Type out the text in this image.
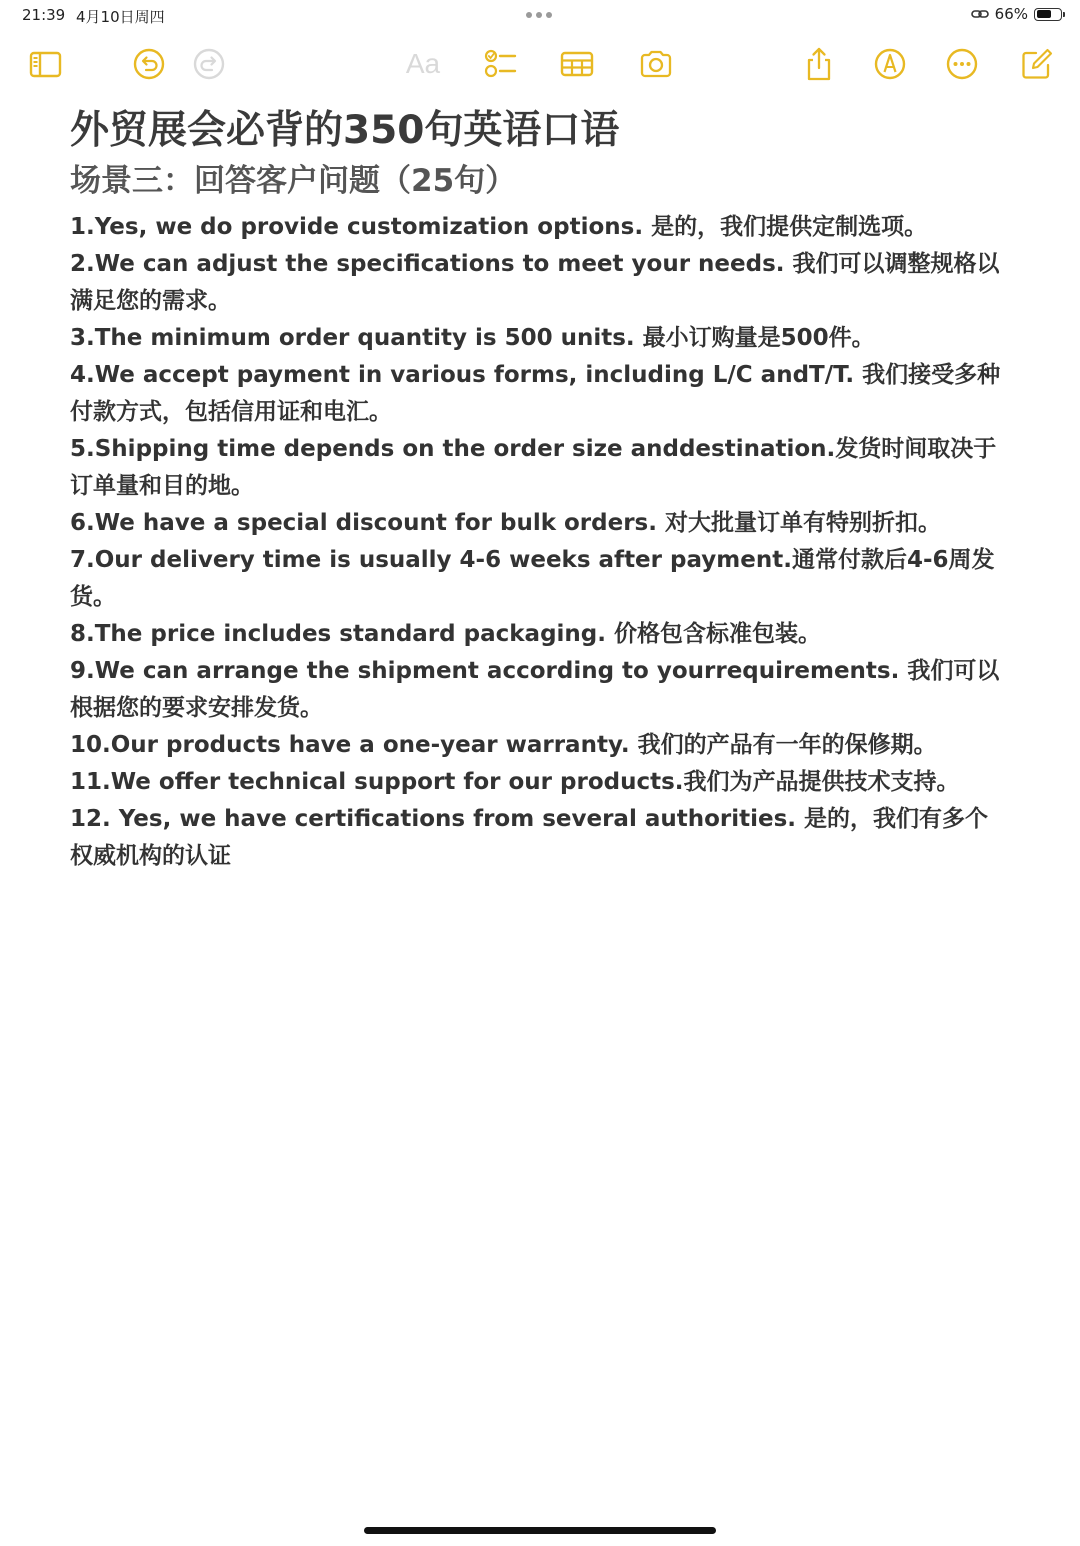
21:39 4月10日周四	66%
Aa
外贸展会必背的350句英语口语
场景三：回答客户问题（25句）
1.Yes, we do provide customization options. 是的，我们提供定制选项。
2.We can adjust the specifications to meet your needs. 我们可以调整规格以满足您的需求。
3.The minimum order quantity is 500 units. 最小订购量是500件。
4.We accept payment in various forms, including L/C andT/T. 我们接受多种付款方式，包括信用证和电汇。
5.Shipping time depends on the order size anddestination.发货时间取决于订单量和目的地。
6.We have a special discount for bulk orders. 对大批量订单有特别折扣。
7.Our delivery time is usually 4-6 weeks after payment.通常付款后4-6周发货。
8.The price includes standard packaging. 价格包含标准包装。
9.We can arrange the shipment according to yourrequirements. 我们可以根据您的要求安排发货。
10.Our products have a one-year warranty. 我们的产品有一年的保修期。
11.We offer technical support for our products.我们为产品提供技术支持。
12. Yes, we have certifications from several authorities. 是的，我们有多个权威机构的认证
